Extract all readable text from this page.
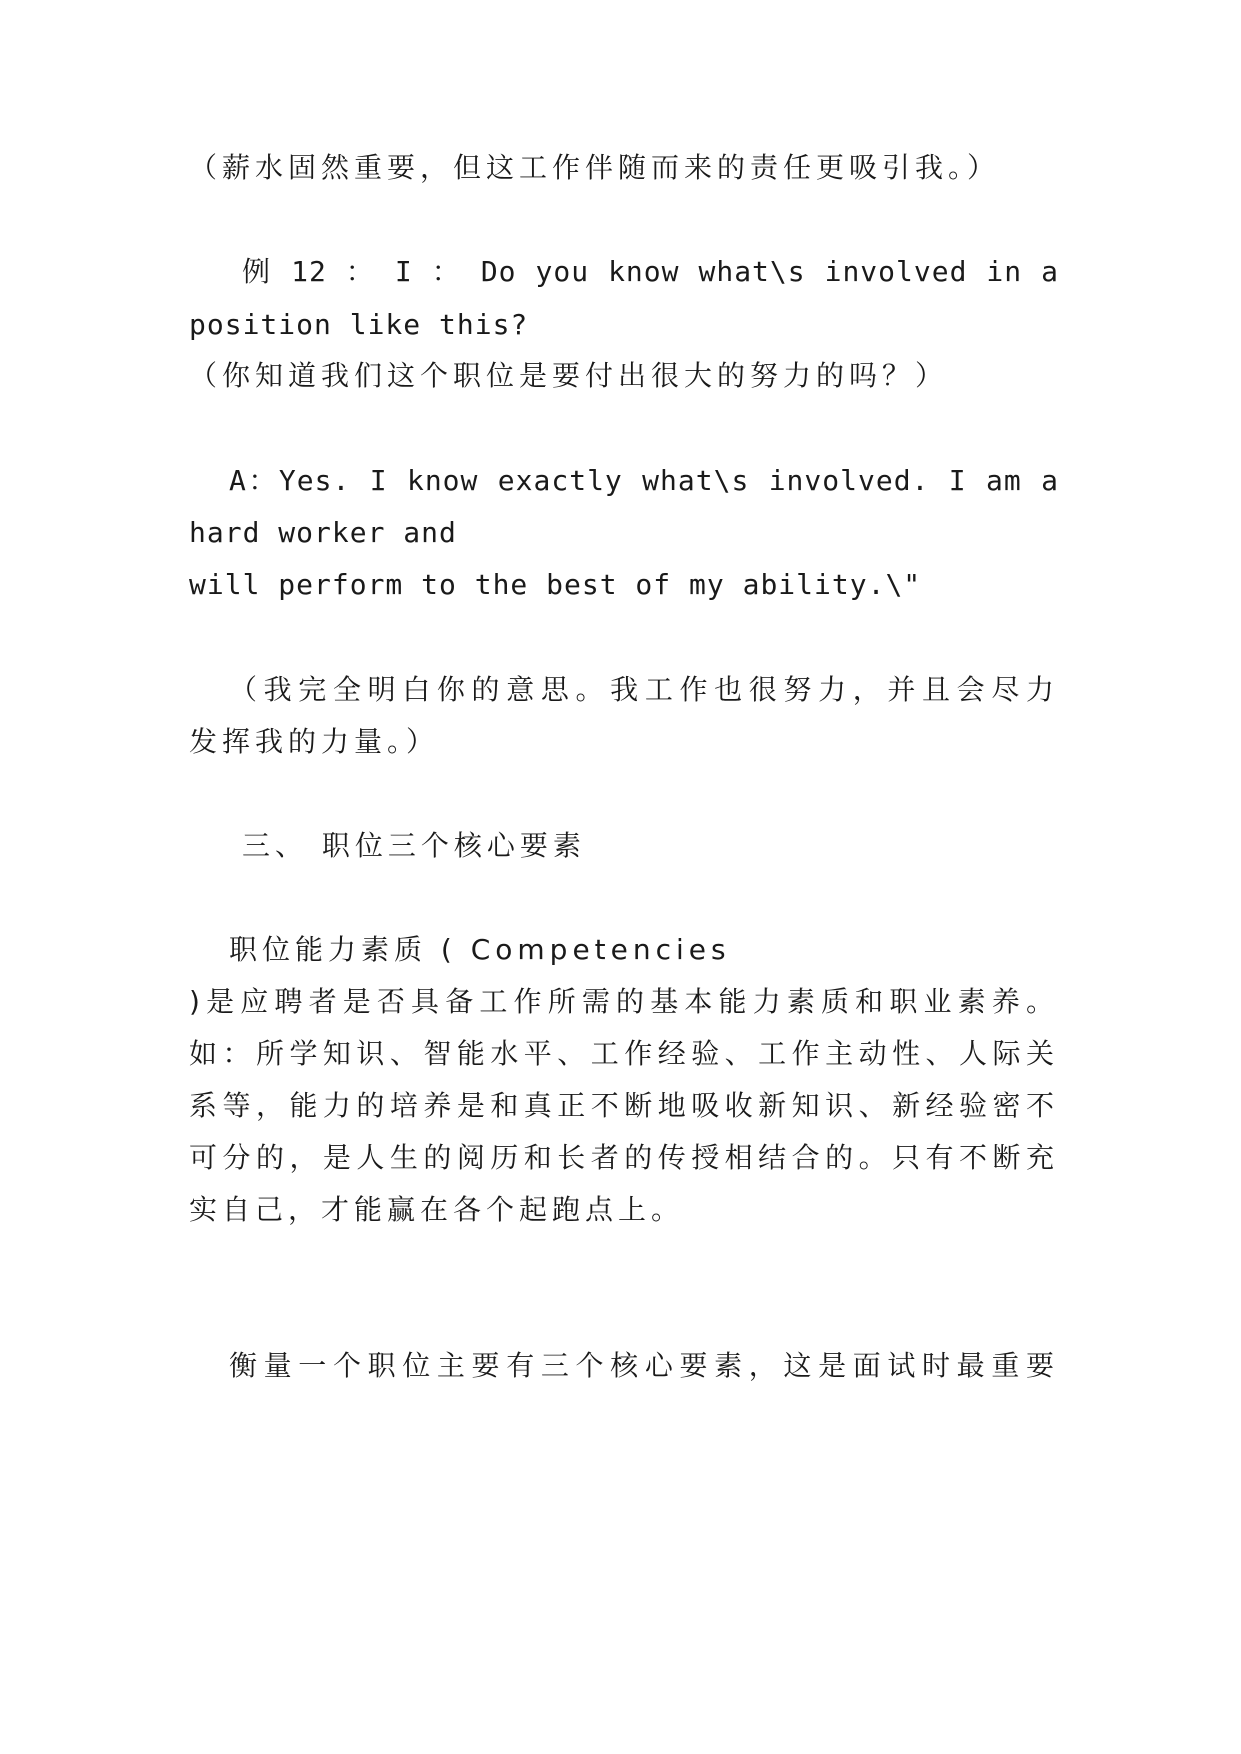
（薪水固然重要，但这工作伴随而来的责任更吸引我。）
例 12 ： I ： Do you know what\s involved in a
position like this?
（你知道我们这个职位是要付出很大的努力的吗？）
A：Yes. I know exactly what\s involved. I am a
hard worker and
will perform to the best of my ability.\"
（我完全明白你的意思。我工作也很努力，并且会尽力
发挥我的力量。）
三、 职位三个核心要素
职位能力素质 ( Competencies
)是应聘者是否具备工作所需的基本能力素质和职业素养。
如：所学知识、智能水平、工作经验、工作主动性、人际关
系等，能力的培养是和真正不断地吸收新知识、新经验密不
可分的，是人生的阅历和长者的传授相结合的。只有不断充
实自己，才能赢在各个起跑点上。
衡量一个职位主要有三个核心要素，这是面试时最重要
